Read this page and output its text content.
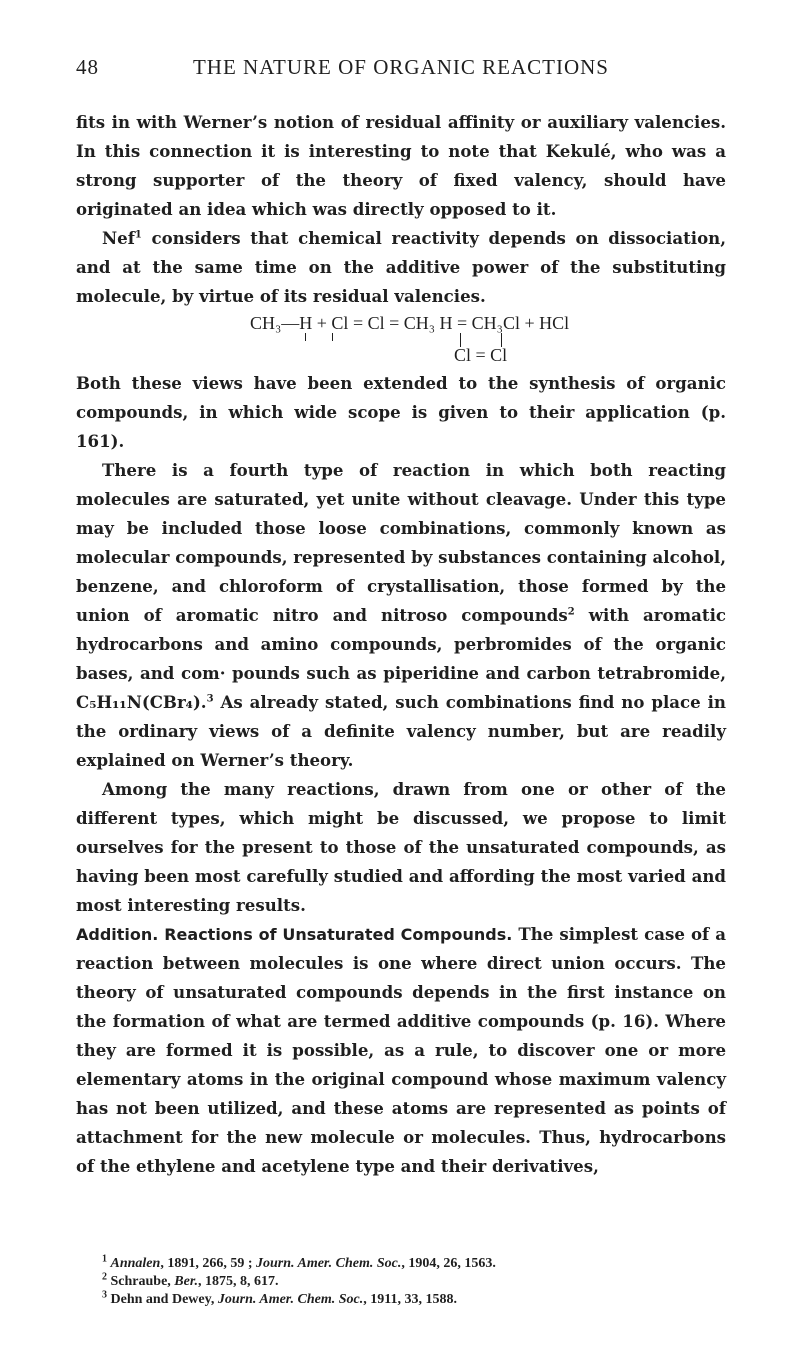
48	THE NATURE OF ORGANIC REACTIONS

fits in with Werner’s notion of residual affinity or auxiliary valencies. In this connection it is interesting to note that Kekulé, who was a strong supporter of the theory of fixed valency, should have originated an idea which was directly opposed to it.

Nef$^1$ considers that chemical reactivity depends on dissociation, and at the same time on the additive power of the substituting molecule, by virtue of its residual valencies.

CH₃—H + Cl = Cl = CH₃ H = CH₃Cl + HCl
Cl = Cl

Both these views have been extended to the synthesis of organic compounds, in which wide scope is given to their application (p. 161).

There is a fourth type of reaction in which both reacting molecules are saturated, yet unite without cleavage. Under this type may be included those loose combinations, commonly known as molecular compounds, represented by substances containing alcohol, benzene, and chloroform of crystallisation, those formed by the union of aromatic nitro and nitroso compounds$^2$ with aromatic hydrocarbons and amino compounds, perbromides of the organic bases, and com· pounds such as piperidine and carbon tetrabromide, C₅H₁₁N(CBr₄).$^3$ As already stated, such combinations find no place in the ordinary views of a definite valency number, but are readily explained on Werner’s theory.

Among the many reactions, drawn from one or other of the different types, which might be discussed, we propose to limit ourselves for the present to those of the unsaturated compounds, as having been most carefully studied and affording the most varied and most interesting results.

Addition. Reactions of Unsaturated Compounds. The simplest case of a reaction between molecules is one where direct union occurs. The theory of unsaturated compounds depends in the first instance on the formation of what are termed additive compounds (p. 16). Where they are formed it is possible, as a rule, to discover one or more elementary atoms in the original compound whose maximum valency has not been utilized, and these atoms are represented as points of attachment for the new molecule or molecules. Thus, hydrocarbons of the ethylene and acetylene type and their derivatives,

$^1$ Annalen, 1891, 266, 59 ; Journ. Amer. Chem. Soc., 1904, 26, 1563.
$^2$ Schraube, Ber., 1875, 8, 617.
$^3$ Dehn and Dewey, Journ. Amer. Chem. Soc., 1911, 33, 1588.
